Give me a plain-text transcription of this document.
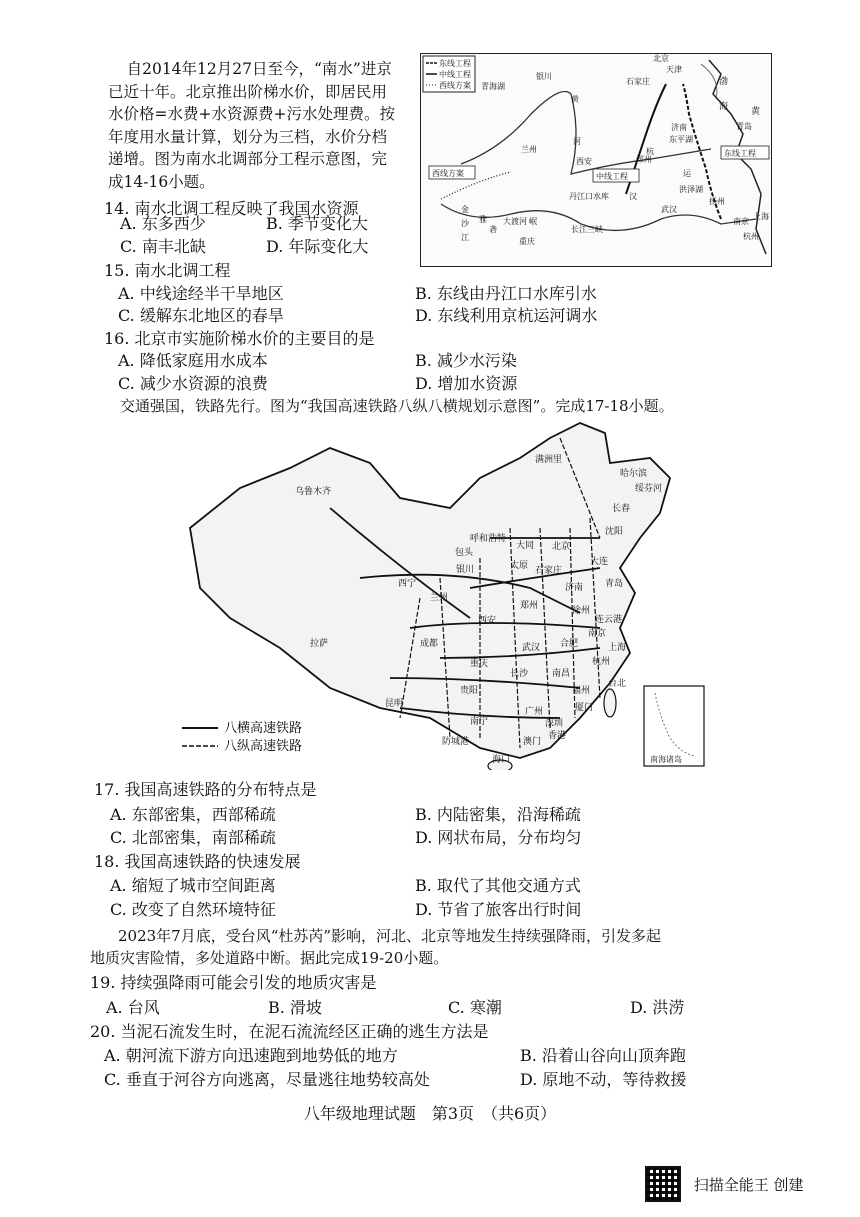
自2014年12月27日至今，“南水”进京已近十年。北京推出阶梯水价，即居民用水价格=水费+水资源费+污水处理费。按年度用水量计算，划分为三档，水价分档递增。图为南水北调部分工程示意图，完成14-16小题。
东线工程
中线工程
西线方案 青海湖
银川
黄
河
兰州
西安
北京
天津
石家庄
济南
东平湖
郑州
杭
中线工程
西线方案
东线工程
洪泽湖
扬州
丹江口水库
武汉
长江三峡
重庆
上海
杭州
渤
海	黄
运
青岛
金
沙
江
雅
砻
大渡河 岷
汉
南京
14. 南水北调工程反映了我国水资源
A. 东多西少	B. 季节变化大
C. 南丰北缺	D. 年际变化大
15. 南水北调工程
A. 中线途经半干旱地区	B. 东线由丹江口水库引水
C. 缓解东北地区的春旱	D. 东线利用京杭运河调水
16. 北京市实施阶梯水价的主要目的是
A. 降低家庭用水成本	B. 减少水污染
C. 减少水资源的浪费	D. 增加水资源
交通强国，铁路先行。图为“我国高速铁路八纵八横规划示意图”。完成17-18小题。
南海诸岛
满洲里
哈尔滨
绥芬河
长春
乌鲁木齐
呼和浩特
包头
北京
大同
沈阳
大连
银川	太原 石家庄
济南 青岛
西宁
兰州
郑州	徐州
连云港
西安
南京
上海
成都
重庆
武汉 合肥
杭州
拉萨
长沙	南昌
福州
台北
昆明
贵阳
广州	厦门
南宁	深圳
防城港	澳门
香港
海口
八横高速铁路
八纵高速铁路
17. 我国高速铁路的分布特点是
A. 东部密集，西部稀疏	B. 内陆密集，沿海稀疏
C. 北部密集，南部稀疏	D. 网状布局，分布均匀
18. 我国高速铁路的快速发展
A. 缩短了城市空间距离	B. 取代了其他交通方式
C. 改变了自然环境特征	D. 节省了旅客出行时间
2023年7月底，受台风“杜苏芮”影响，河北、北京等地发生持续强降雨，引发多起
地质灾害险情，多处道路中断。据此完成19-20小题。
19. 持续强降雨可能会引发的地质灾害是
A. 台风	B. 滑坡	C. 寒潮	D. 洪涝
20. 当泥石流发生时，在泥石流流经区正确的逃生方法是
A. 朝河流下游方向迅速跑到地势低的地方	B. 沿着山谷向山顶奔跑
C. 垂直于河谷方向逃离，尽量逃往地势较高处	D. 原地不动，等待救援
八年级地理试题　第3页　（共6页）
扫描全能王 创建
